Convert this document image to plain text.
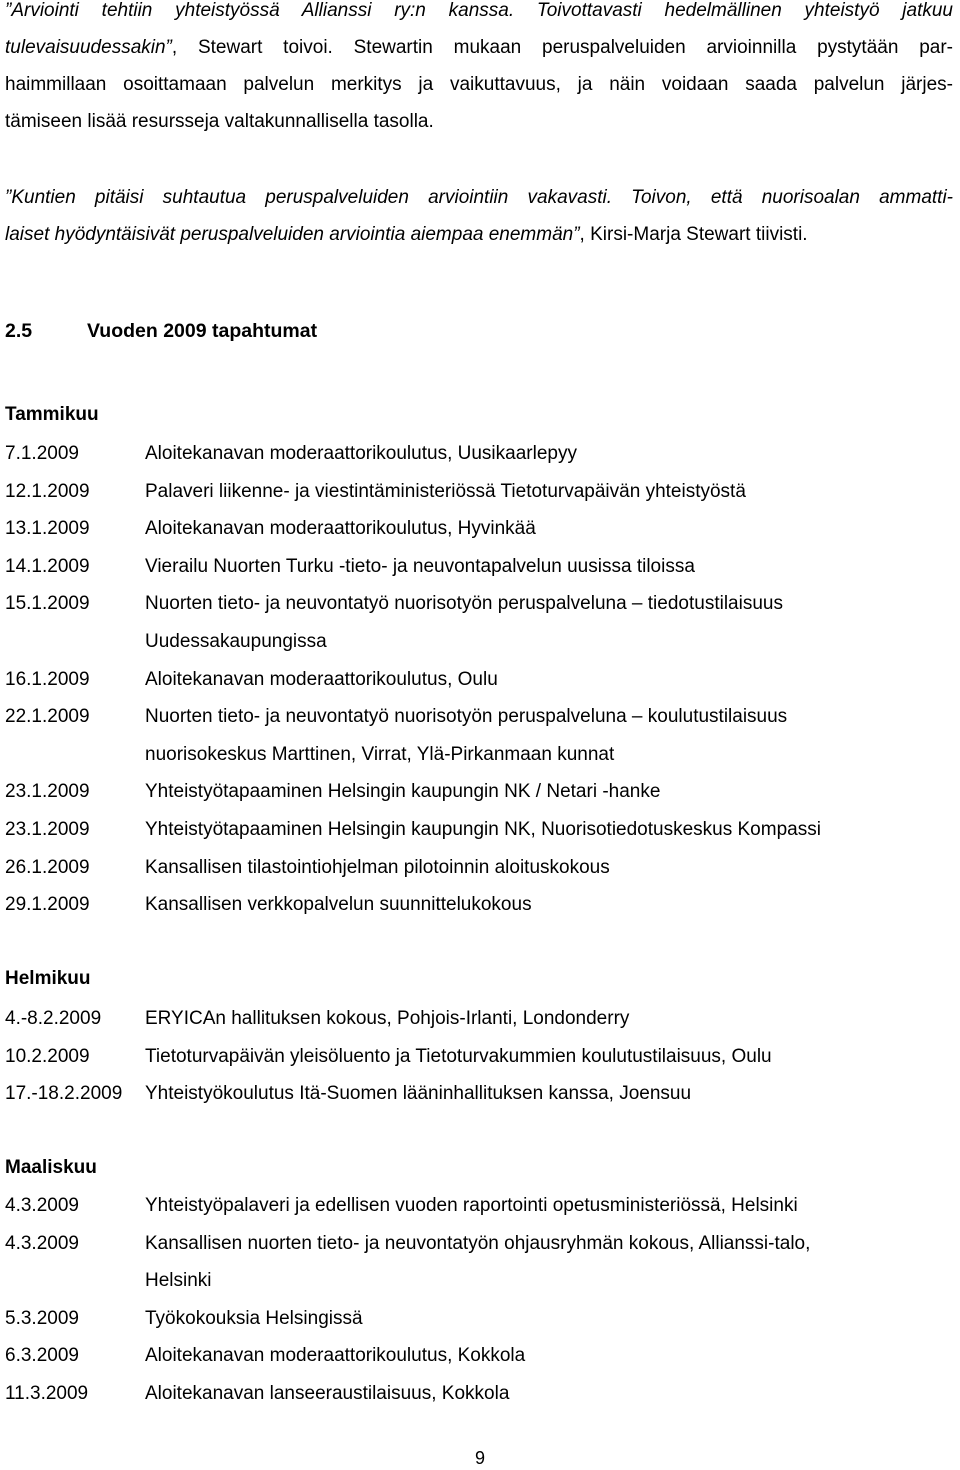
”Arviointi tehtiin yhteistyössä Allianssi ry:n kanssa. Toivottavasti hedelmällinen yhteistyö jatkuu
tulevaisuudessakin”, Stewart toivoi. Stewartin mukaan peruspalveluiden arvioinnilla pystytään par-
haimmillaan osoittamaan palvelun merkitys ja vaikuttavuus, ja näin voidaan saada palvelun järjes-
tämiseen lisää resursseja valtakunnallisella tasolla.
”Kuntien pitäisi suhtautua peruspalveluiden arviointiin vakavasti. Toivon, että nuorisoalan ammatti-
laiset hyödyntäisivät peruspalveluiden arviointia aiempaa enemmän”, Kirsi-Marja Stewart tiivisti.
2.5	Vuoden 2009 tapahtumat
Tammikuu
7.1.2009	Aloitekanavan moderaattorikoulutus, Uusikaarlepyy
12.1.2009	Palaveri liikenne- ja viestintäministeriössä Tietoturvapäivän yhteistyöstä
13.1.2009	Aloitekanavan moderaattorikoulutus, Hyvinkää
14.1.2009	Vierailu Nuorten Turku -tieto- ja neuvontapalvelun uusissa tiloissa
15.1.2009	Nuorten tieto- ja neuvontatyö nuorisotyön peruspalveluna – tiedotustilaisuus
Uudessakaupungissa
16.1.2009	Aloitekanavan moderaattorikoulutus, Oulu
22.1.2009	Nuorten tieto- ja neuvontatyö nuorisotyön peruspalveluna – koulutustilaisuus
nuorisokeskus Marttinen, Virrat, Ylä-Pirkanmaan kunnat
23.1.2009	Yhteistyötapaaminen Helsingin kaupungin NK / Netari -hanke
23.1.2009	Yhteistyötapaaminen Helsingin kaupungin NK, Nuorisotiedotuskeskus Kompassi
26.1.2009	Kansallisen tilastointiohjelman pilotoinnin aloituskokous
29.1.2009	Kansallisen verkkopalvelun suunnittelukokous
Helmikuu
4.-8.2.2009	ERYICAn hallituksen kokous, Pohjois-Irlanti, Londonderry
10.2.2009	Tietoturvapäivän yleisöluento ja Tietoturvakummien koulutustilaisuus, Oulu
17.-18.2.2009	Yhteistyökoulutus Itä-Suomen lääninhallituksen kanssa, Joensuu
Maaliskuu
4.3.2009	Yhteistyöpalaveri ja edellisen vuoden raportointi opetusministeriössä, Helsinki
4.3.2009	Kansallisen nuorten tieto- ja neuvontatyön ohjausryhmän kokous, Allianssi-talo,
Helsinki
5.3.2009	Työkokouksia Helsingissä
6.3.2009	Aloitekanavan moderaattorikoulutus, Kokkola
11.3.2009	Aloitekanavan lanseeraustilaisuus, Kokkola
9
